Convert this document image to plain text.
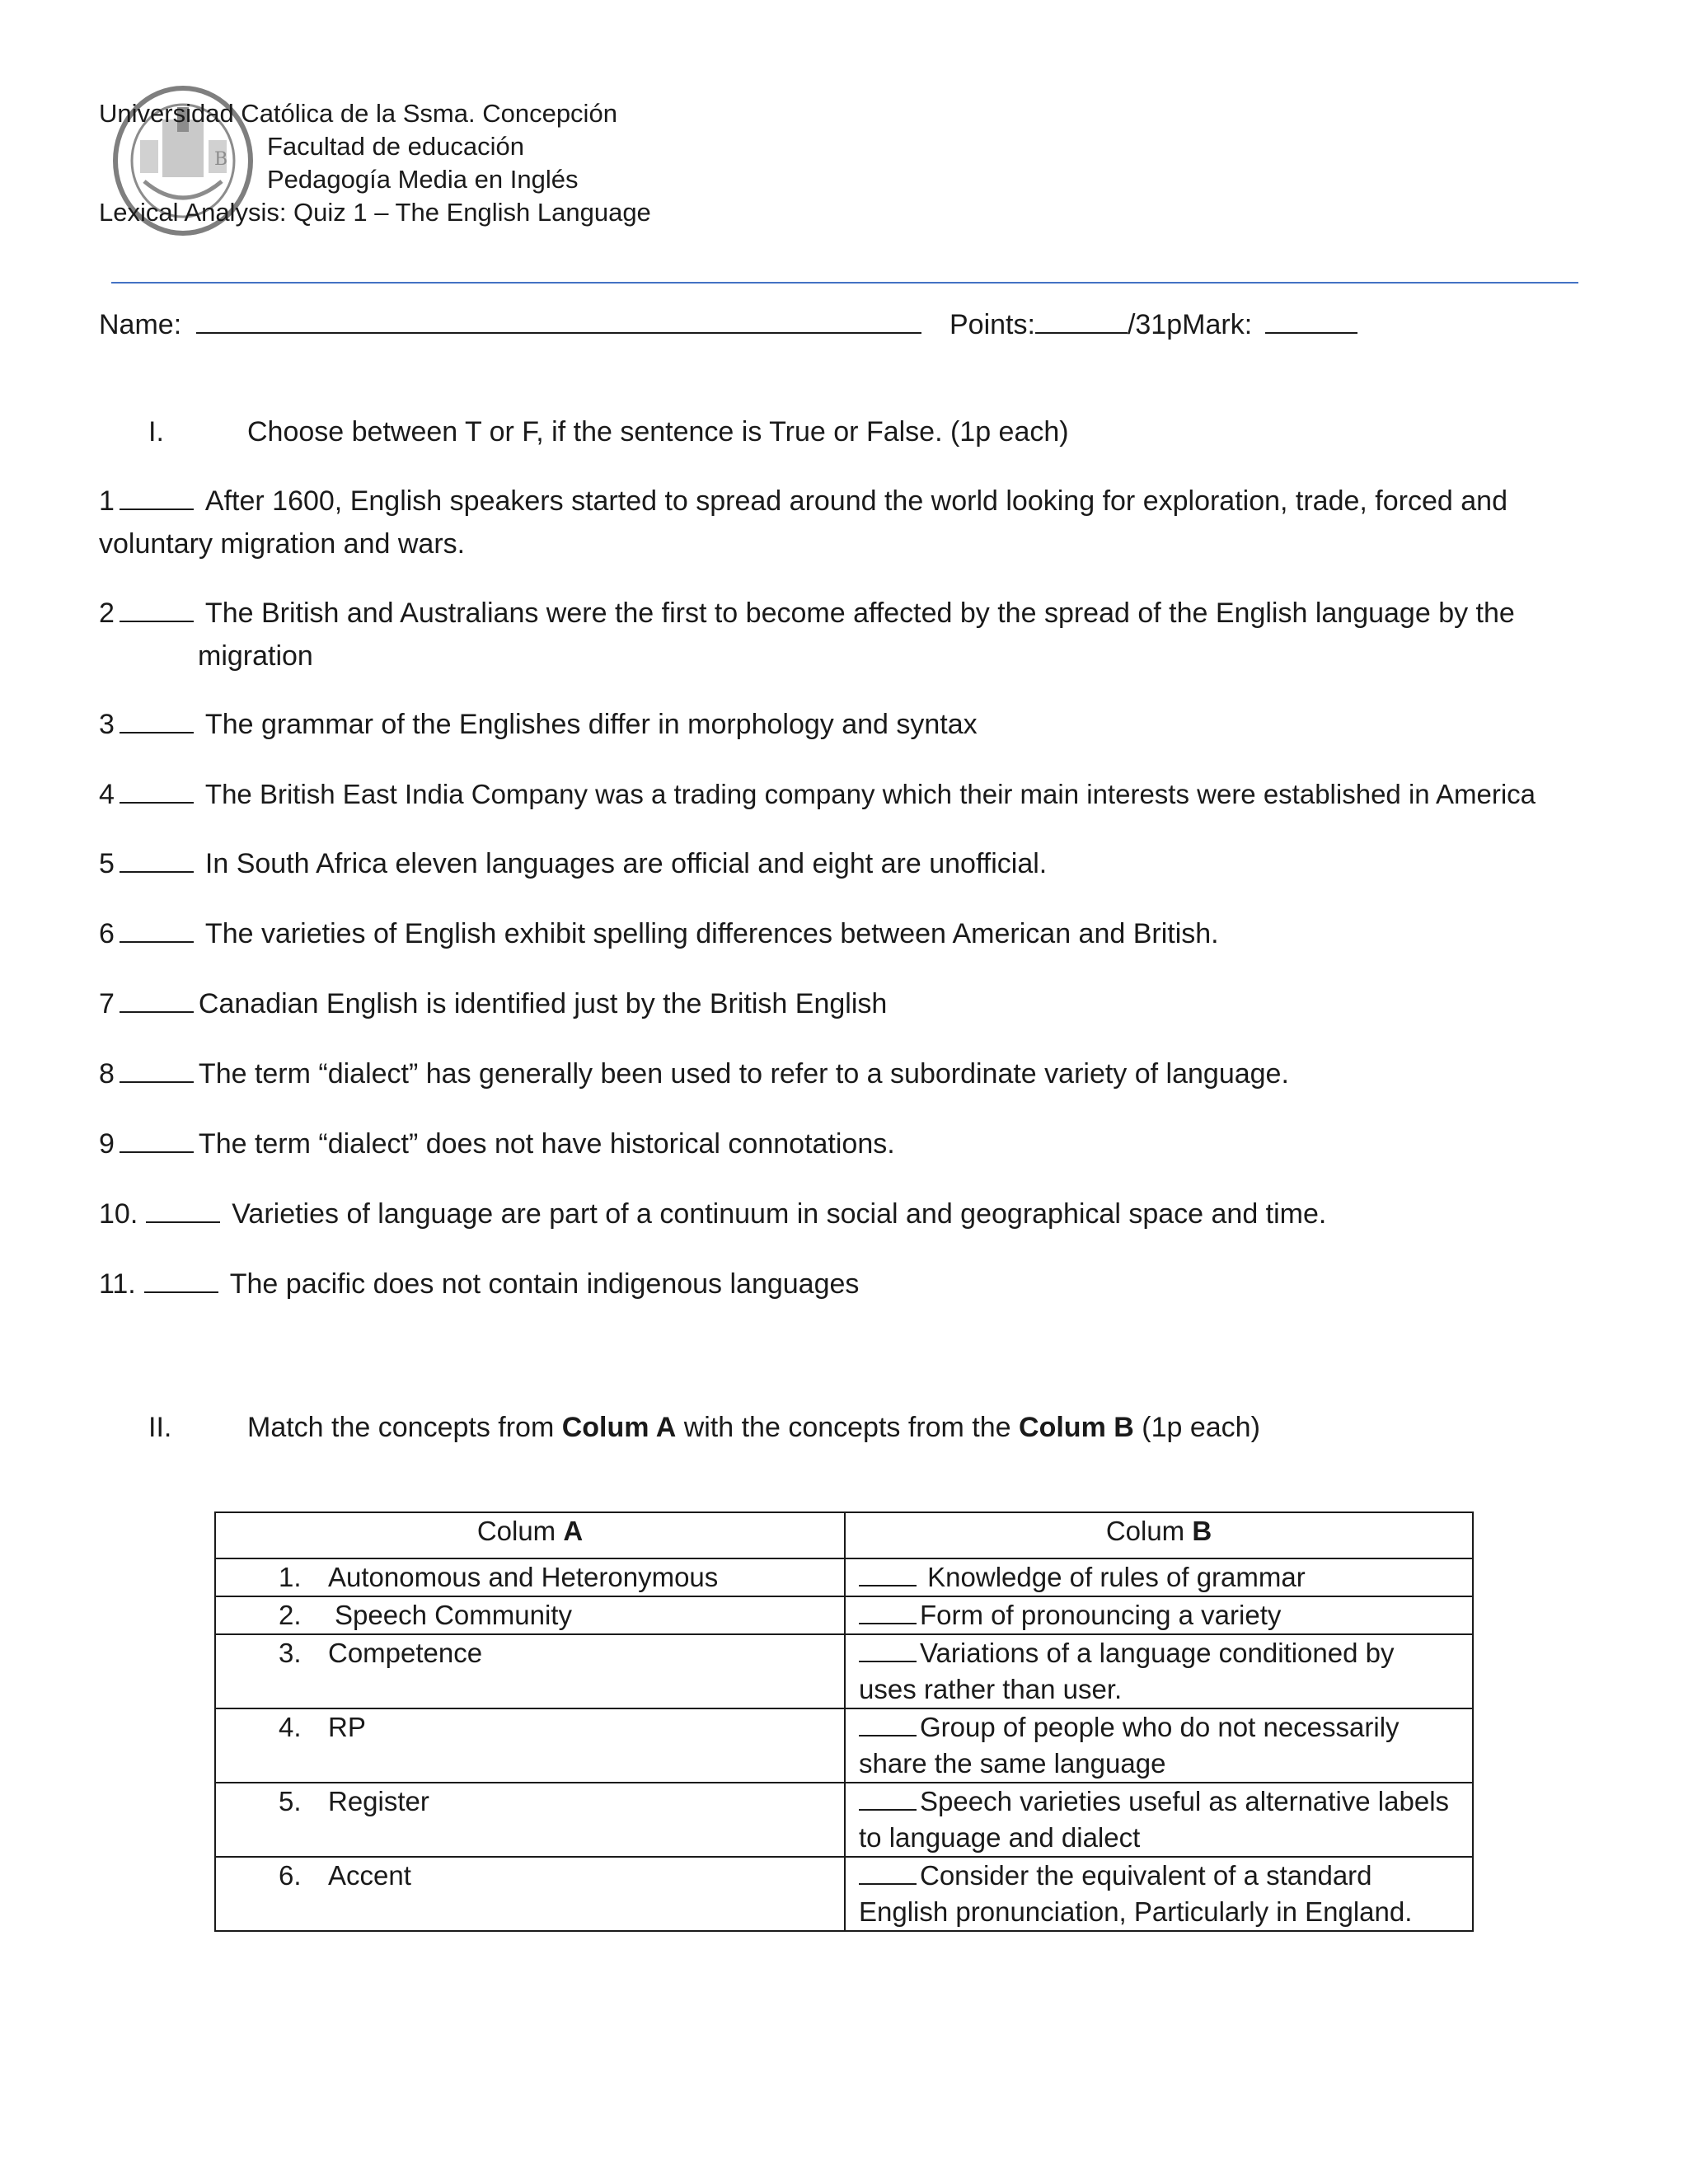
B
Universidad Católica de la Ssma. Concepción
Facultad de educación
Pedagogía Media en Inglés
Lexical Analysis: Quiz 1 – The English Language
Name:	Points:	/31pMark:
I.	Choose between T or F, if the sentence is True or False. (1p each)
1	After 1600, English speakers started to spread around the world looking for exploration, trade, forced and voluntary migration and wars.
2	The British and Australians were the first to become affected by the spread of the English language by the
migration
3	The grammar of the Englishes differ in morphology and syntax
4	The British East India Company was a trading company which their main interests were established in America
5	In South Africa eleven languages are official and eight are unofficial.
6	The varieties of English exhibit spelling differences between American and British.
7	Canadian English is identified just by the British English
8	The term “dialect” has generally been used to refer to a subordinate variety of language.
9	The term “dialect” does not have historical connotations.
10.	Varieties of language are part of a continuum in social and geographical space and time.
11.	The pacific does not contain indigenous languages
II.	Match the concepts from Colum A with the concepts from the Colum B (1p each)
Colum A	Colum B

1. Autonomous and Heteronymous	Knowledge of rules of grammar

2. Speech Community	Form of pronouncing a variety

3. Competence	Variations of a language conditioned by uses rather than user.

4. RP	Group of people who do not necessarily share the same language

5. Register	Speech varieties useful as alternative labels to language and dialect

6. Accent	Consider the equivalent of a standard English pronunciation, Particularly in England.
